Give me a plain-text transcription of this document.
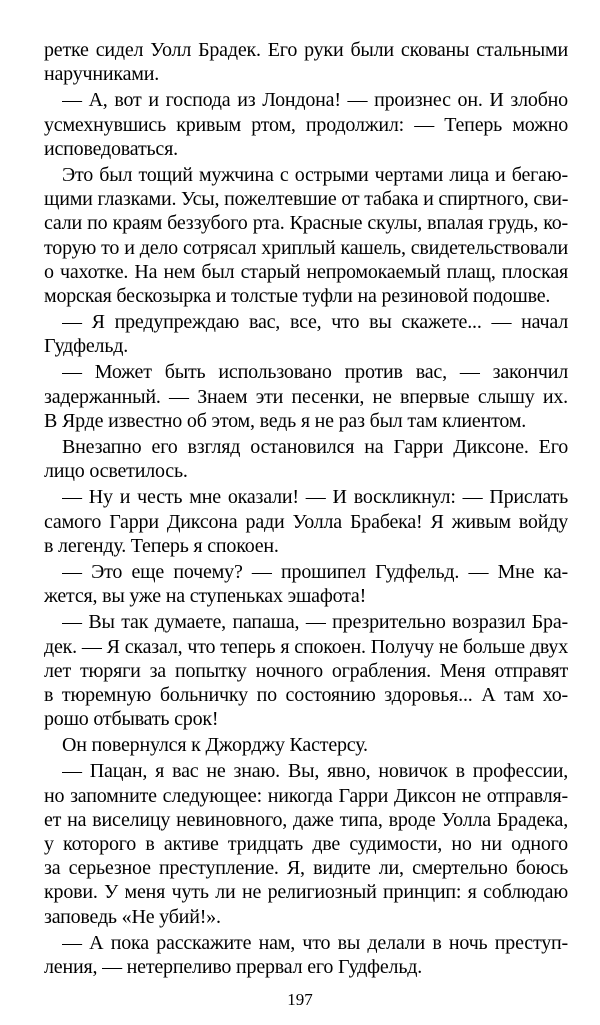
ретке сидел Уолл Брадек. Его руки были скованы стальными
наручниками.
— А, вот и господа из Лондона! — произнес он. И злобно
усмехнувшись кривым ртом, продолжил: — Теперь можно
исповедоваться.
Это был тощий мужчина с острыми чертами лица и бегаю-
щими глазками. Усы, пожелтевшие от табака и спиртного, сви-
сали по краям беззубого рта. Красные скулы, впалая грудь, ко-
торую то и дело сотрясал хриплый кашель, свидетельствовали
о чахотке. На нем был старый непромокаемый плащ, плоская
морская бескозырка и толстые туфли на резиновой подошве.
— Я предупреждаю вас, все, что вы скажете... — начал
Гудфельд.
— Может быть использовано против вас, — закончил
задержанный. — Знаем эти песенки, не впервые слышу их.
В Ярде известно об этом, ведь я не раз был там клиентом.
Внезапно его взгляд остановился на Гарри Диксоне. Его
лицо осветилось.
— Ну и честь мне оказали! — И воскликнул: — Прислать
самого Гарри Диксона ради Уолла Брабека! Я живым войду
в легенду. Теперь я спокоен.
— Это еще почему? — прошипел Гудфельд. — Мне ка-
жется, вы уже на ступеньках эшафота!
— Вы так думаете, папаша, — презрительно возразил Бра-
дек. — Я сказал, что теперь я спокоен. Получу не больше двух
лет тюряги за попытку ночного ограбления. Меня отправят
в тюремную больничку по состоянию здоровья... А там хо-
рошо отбывать срок!
Он повернулся к Джорджу Кастерсу.
— Пацан, я вас не знаю. Вы, явно, новичок в профессии,
но запомните следующее: никогда Гарри Диксон не отправля-
ет на виселицу невиновного, даже типа, вроде Уолла Брадека,
у которого в активе тридцать две судимости, но ни одного
за серьезное преступление. Я, видите ли, смертельно боюсь
крови. У меня чуть ли не религиозный принцип: я соблюдаю
заповедь «Не убий!».
— А пока расскажите нам, что вы делали в ночь преступ-
ления, — нетерпеливо прервал его Гудфельд.
197
